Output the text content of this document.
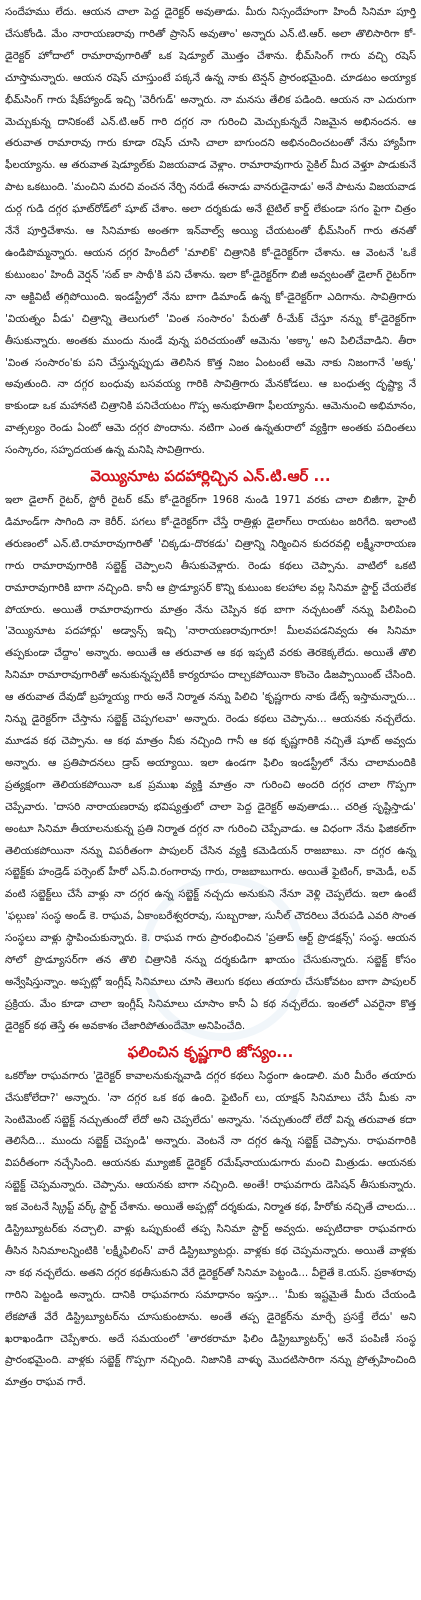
సందేహము లేదు. ఆయన చాలా పెద్ద డైరెక్టర్ అవుతాడు. మీరు నిస్సందేహంగా హిందీ సినిమా పూర్తి చేసుకోండి. మేం నారాయణరావు గారితో ప్రాసెస్ అవుతాం' అన్నారు ఎన్.టి.ఆర్. అలా తొలిసారిగా కో-డైరెక్టర్ హోదాలో రామారావుగారితో ఒక షెడ్యూల్ మొత్తం చేశాను. భీమ్‌సింగ్ గారు వచ్చి రషెస్ చూస్తామన్నారు. ఆయన రషెస్ చూస్తుంటే పక్కనే ఉన్న నాకు టెన్షన్ ప్రారంభమైంది. చూడటం అయ్యాక భీమ్‌సింగ్ గారు షేక్‌హ్యాండ్ ఇచ్చి 'వెరీగుడ్' అన్నారు. నా మనసు తేలిక పడింది. ఆయన నా ఎదురుగా మెచ్చుకున్న దానికంటే ఎన్.టి.ఆర్ గారి దగ్గర నా గురించి మెచ్చుకున్నదే నిజమైన అభినందన. ఆ తరువాత రామారావు గారు కూడా రషెస్ చూసి చాలా బాగుందని అభినందించటంతో నేను హ్యాపీగా ఫీలయ్యాను. ఆ తరువాత షెడ్యూల్‌కు విజయవాడ వెళ్లాం. రామారావుగారు సైకిల్ మీద వెళ్తూ పాడుకునే పాట ఒకటుంది. 'మంచిని మరచి వంచన నేర్చి నరుడే ఈనాడు వానరుడైనాడు' అనే పాటను విజయవాడ దుర్గ గుడి దగ్గర ఘాట్‌రోడ్‌లో షూట్ చేశాం. అలా దర్శకుడు అనే టైటిల్ కార్డ్ లేకుండా సగం పైగా చిత్రం నేనే పూర్తిచేశాను. ఆ సినిమాకు అంతగా ఇన్‌వాల్వ్ అయ్యి చేయటంతో భీమ్‌సింగ్ గారు తనతో ఉండిపొమ్మన్నారు. ఆయన దగ్గర హిందీలో 'మాలిక్' చిత్రానికి కో-డైరెక్టర్‌గా చేశాను. ఆ వెంటనే 'ఒకే కుటుంబం' హిందీ వెర్షన్ 'సబ్ కా సాథీ'కి పని చేశాను. ఇలా కో-డైరెక్టర్‌గా బిజీ అవ్వటంతో డైలాగ్ రైటర్‌గా నా ఆక్టివిటీ తగ్గిపోయింది. ఇండస్ట్రీలో నేను బాగా డిమాండ్ ఉన్న కో-డైరెక్టర్‌గా ఎదిగాను. సావిత్రిగారు 'వియత్నం వీడు' చిత్రాన్ని తెలుగులో 'వింత సంసారం' పేరుతో రీ-మేక్ చేస్తూ నన్ను కో-డైరెక్టర్‌గా తీసుకున్నారు. అంతకు ముందు నుండే వున్న పరిచయంతో ఆమెను 'అక్కా' అని పిలిచేవాడిని. తీరా 'వింత సంసారం'కు పని చేస్తున్నప్పుడు తెలిసిన కొత్త నిజం ఏంటంటే ఆమె నాకు నిజంగానే 'అక్క' అవుతుంది. నా దగ్గర బంధువు బసవయ్య గారికి సావిత్రిగారు మేనకోడలు. ఆ బంధుత్వ దృష్ట్యా నే కాకుండా ఒక మహానటి చిత్రానికి పనిచేయటం గొప్ప అనుభూతిగా ఫీలయ్యాను. ఆమెనుంచి అభిమానం, వాత్సల్యం రెండు ఏంటో ఆమె దగ్గర పొందాను. నటిగా ఎంత ఉన్నతురాలో వ్యక్తిగా అంతకు పదింతలు సంస్కారం, సహృదయత ఉన్న మనిషి సావిత్రిగారు.

వెయ్యినూట పదహార్లిచ్చిన ఎన్.టి.ఆర్ ...

ఇలా డైలాగ్ రైటర్, స్టోరీ రైటర్ కమ్ కో-డైరెక్టర్‌గా 1968 నుండి 1971 వరకు చాలా బిజీగా, హైలీ డిమాండ్‌గా సాగింది నా కెరీర్. పగలు కో-డైరెక్టర్‌గా చేస్తే రాత్రిళ్లు డైలాగ్‌లు రాయటం జరిగేది. ఇలాంటి తరుణంలో ఎన్.టి.రామారావుగారితో 'చిక్కడు-దొరకడు' చిత్రాన్ని నిర్మించిన కుదరవల్లి లక్ష్మీనారాయణ గారు రామారావుగారికి సబ్జెక్ట్ చెప్పాలని తీసుకువెళ్లారు. రెండు కథలు చెప్పాను. వాటిలో ఒకటి రామారావుగారికి బాగా నచ్చింది. కానీ ఆ ప్రొడ్యూసర్ కొన్ని కుటుంబ కలహాల వల్ల సినిమా స్టార్ట్ చేయలేక పోయారు. అయితే రామారావుగారు మాత్రం నేను చెప్పిన కథ బాగా నచ్చటంతో నన్ను పిలిపించి 'వెయ్యినూట పదహార్లు' అడ్వాన్స్ ఇచ్చి 'నారాయణరావుగారూ! మీలవపడనివ్వదు ఈ సినిమా తప్పకుండా చేద్దాం' అన్నారు. అయితే ఆ తరువాత ఆ కథ ఇప్పటి వరకు తెరకెక్కలేదు. అయితే తొలి సినిమా రామారావుగారితో అనుకున్నప్పటికీ కార్యరూపం దాల్చకపోయినా కొంచెం డిజప్పాయింట్ చేసింది. ఆ తరువాత దేవుడో బ్రహ్మయ్య గారు అనే నిర్మాత నన్ను పిలిచి 'కృష్ణగారు నాకు డేట్స్ ఇస్తామన్నారు... నిన్ను డైరెక్టర్‌గా చేస్తాను సబ్జెక్ట్ చెప్పగలవా' అన్నారు. రెండు కథలు చెప్పాను... ఆయనకు నచ్చలేదు. మూడవ కథ చెప్పాను. ఆ కథ మాత్రం నీకు నచ్చింది గానీ ఆ కథ కృష్ణగారికి నచ్చితే షూట్ అవ్వదు అన్నారు. ఆ ప్రతిపాదనలు డ్రాప్ అయ్యాయి. ఇలా ఉండగా ఫిలిం ఇండస్ట్రీలో నేను చాలామందికి ప్రత్యక్షంగా తెలియకపోయినా ఒక ప్రముఖ వ్యక్తి మాత్రం నా గురించి అందరి దగ్గర చాలా గొప్పగా చెప్పేవారు. 'దాసరి నారాయణరావు భవిష్యత్తులో చాలా పెద్ద డైరెక్టర్ అవుతాడు... చరిత్ర సృష్టిస్తాడు' అంటూ సినిమా తీయాలనుకున్న ప్రతి నిర్మాత దగ్గర నా గురించి చెప్పేవాడు. ఆ విధంగా నేను ఫిజికల్‌గా తెలియకపోయినా నన్ను విపరీతంగా పాపులర్ చేసిన వ్యక్తి కమెడియన్ రాజబాబు. నా దగ్గర ఉన్న సబ్జెక్ట్‌కు హండ్రెడ్ పర్సెంట్ హీరో ఎస్.వి.రంగారావు గారు, రాజబాబుగారు. అయితే ఫైటింగ్, కామెడీ, లవ్ వంటి సబ్జెక్ట్‌లు చేసే వాళ్లు నా దగ్గర ఉన్న సబ్జెక్ట్ నచ్చదు అనుకుని నేనూ వెళ్లి చెప్పలేదు. ఇలా ఉంటే 'ఫల్గుణ' సంస్థ అండ్ కె. రాఘవ, ఏకాంబరేశ్వరరావు, సుబ్బరాజు, సునీల్ చౌదరిలు వేరుపడి ఎవరి సొంత సంస్థలు వాళ్లు స్థాపించుకున్నారు. కె. రాఘవ గారు ప్రారంభించిన 'ప్రతాప్ ఆర్ట్ ప్రొడక్షన్స్' సంస్థ. ఆయన సోలో ప్రొడ్యూసర్‌గా తన తొలి చిత్రానికి నన్ను దర్శకుడిగా ఖాయం చేసుకున్నారు. సబ్జెక్ట్ కోసం అన్వేషిస్తున్నాం. అప్పట్లో ఇంగ్లీష్ సినిమాలు చూసి తెలుగు కథలు తయారు చేసుకోవటం బాగా పాపులర్ ప్రక్రియ. మేం కూడా చాలా ఇంగ్లీష్ సినిమాలు చూసాం కానీ ఏ కథ నచ్చలేదు. ఇంతలో ఎవరైనా కొత్త డైరెక్టర్ కథ తెస్తే ఈ అవకాశం చేజారిపోతుందేమో అనిపించేది.

ఫలించిన కృష్ణగారి జోస్యం...

ఒకరోజు రాఘవగారు 'డైరెక్టర్ కావాలనుకున్నవాడి దగ్గర కథలు సిద్ధంగా ఉండాలి. మరి మీరేం తయారు చేసుకోలేదా?' అన్నారు. 'నా దగ్గర ఒక కథ ఉంది. ఫైటింగ్ లు, యాక్షన్ సినిమాలు చేసే మీకు నా సెంటిమెంట్ సబ్జెక్ట్ నచ్చుతుందో లేదో అని చెప్పలేదు' అన్నాను. 'నచ్చుతుందో లేదో విన్న తరువాత కదా తెలిసేది... ముందు సబ్జెక్ట్ చెప్పండి' అన్నారు. వెంటనే నా దగ్గర ఉన్న సబ్జెక్ట్ చెప్పాను. రాఘవగారికి విపరీతంగా నచ్చేసింది. ఆయనకు మ్యూజిక్ డైరెక్టర్ రమేష్‌నాయుడుగారు మంచి మిత్రుడు. ఆయనకు సబ్జెక్ట్ చెప్పమన్నారు. చెప్పాను. ఆయనకు బాగా నచ్చింది. అంతే! రాఘవగారు డెసిషన్ తీసుకున్నారు. ఇక వెంటనే స్క్రిప్ట్ వర్క్ స్టార్ట్ చేశాను. అయితే అప్పట్లో దర్శకుడు, నిర్మాత కథ, హీరోకు నచ్చితే చాలదు... డిస్ట్రిబ్యూటర్‌కు నచ్చాలి. వాళ్లు ఒప్పుకుంటే తప్ప సినిమా స్టార్ట్ అవ్వదు. అప్పటిదాకా రాఘవగారు తీసిన సినిమాలన్నింటికి 'లక్ష్మీఫిలింస్' వారే డిస్ట్రిబ్యూటర్లు. వాళ్లకు కథ చెప్పమన్నారు. అయితే వాళ్లకు నా కథ నచ్చలేదు. అతని దగ్గర కథతీసుకుని వేరే డైరెక్టర్‌తో సినిమా పెట్టండి... వీలైతే కె.యస్. ప్రకాశరావు గారిని పెట్టండి అన్నారు. దానికి రాఘవగారు సమాధానం ఇస్తూ... 'మీకు ఇష్టమైతే మీరు చేయండి లేకపోతే వేరే డిస్ట్రిబ్యూటర్‌ను చూసుకుంటాను. అంతే తప్ప డైరెక్టర్‌ను మార్చే ప్రసక్తే లేదు' అని ఖరాఖండిగా చెప్పేశారు. అదే సమయంలో 'తారకరామా ఫిలిం డిస్ట్రిబ్యూటర్స్' అనే పంపిణీ సంస్థ ప్రారంభమైంది. వాళ్లకు సబ్జెక్ట్ గొప్పగా నచ్చింది. నిజానికి వాళ్ళు మొదటిసారిగా నన్ను ప్రోత్సహించింది మాత్రం రాఘవ గారే.
